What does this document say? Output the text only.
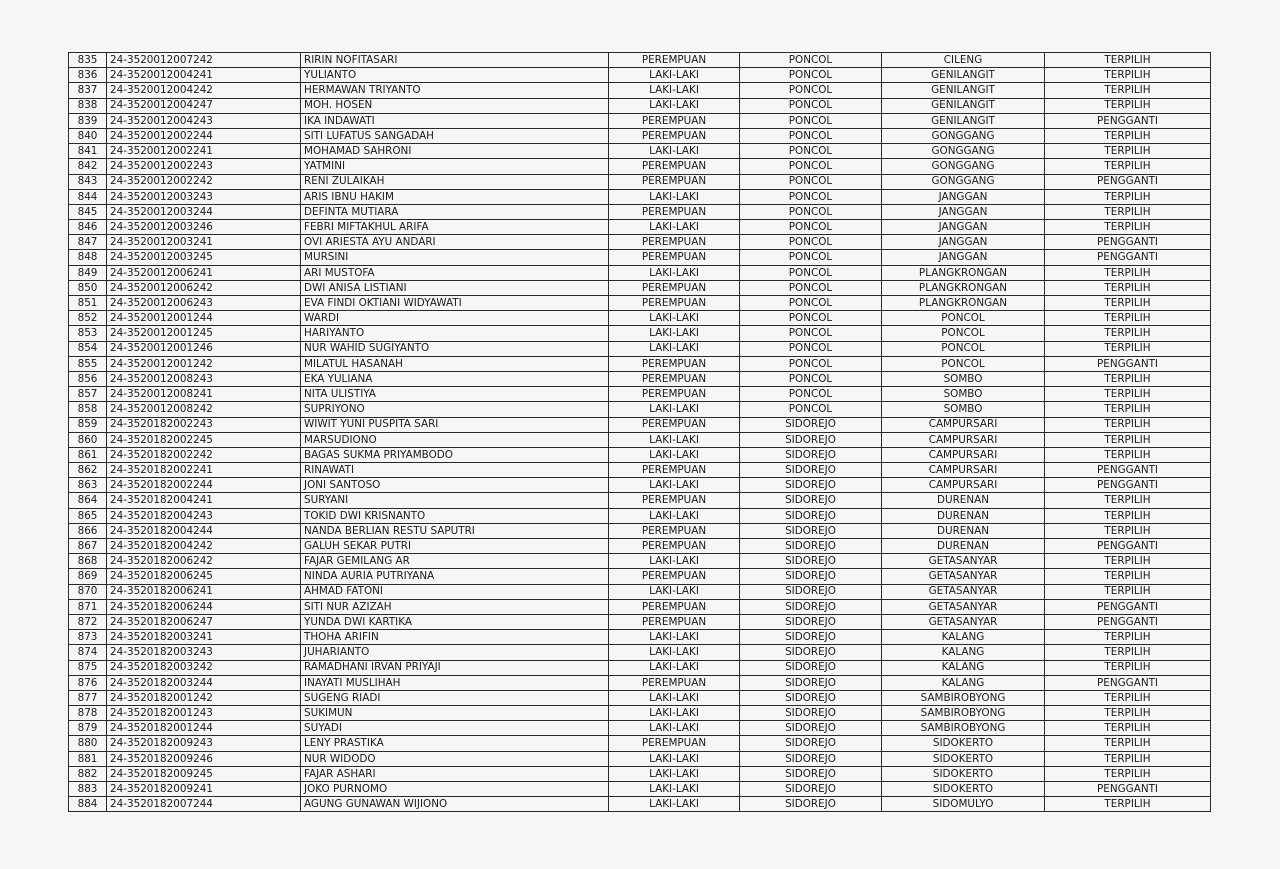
835	24-3520012007242	RIRIN NOFITASARI	PEREMPUAN	PONCOL	CILENG	TERPILIH
836	24-3520012004241	YULIANTO	LAKI-LAKI	PONCOL	GENILANGIT	TERPILIH
837	24-3520012004242	HERMAWAN TRIYANTO	LAKI-LAKI	PONCOL	GENILANGIT	TERPILIH
838	24-3520012004247	MOH. HOSEN	LAKI-LAKI	PONCOL	GENILANGIT	TERPILIH
839	24-3520012004243	IKA INDAWATI	PEREMPUAN	PONCOL	GENILANGIT	PENGGANTI
840	24-3520012002244	SITI LUFATUS SANGADAH	PEREMPUAN	PONCOL	GONGGANG	TERPILIH
841	24-3520012002241	MOHAMAD SAHRONI	LAKI-LAKI	PONCOL	GONGGANG	TERPILIH
842	24-3520012002243	YATMINI	PEREMPUAN	PONCOL	GONGGANG	TERPILIH
843	24-3520012002242	RENI ZULAIKAH	PEREMPUAN	PONCOL	GONGGANG	PENGGANTI
844	24-3520012003243	ARIS IBNU HAKIM	LAKI-LAKI	PONCOL	JANGGAN	TERPILIH
845	24-3520012003244	DEFINTA MUTIARA	PEREMPUAN	PONCOL	JANGGAN	TERPILIH
846	24-3520012003246	FEBRI MIFTAKHUL ARIFA	LAKI-LAKI	PONCOL	JANGGAN	TERPILIH
847	24-3520012003241	OVI ARIESTA AYU ANDARI	PEREMPUAN	PONCOL	JANGGAN	PENGGANTI
848	24-3520012003245	MURSINI	PEREMPUAN	PONCOL	JANGGAN	PENGGANTI
849	24-3520012006241	ARI MUSTOFA	LAKI-LAKI	PONCOL	PLANGKRONGAN	TERPILIH
850	24-3520012006242	DWI ANISA LISTIANI	PEREMPUAN	PONCOL	PLANGKRONGAN	TERPILIH
851	24-3520012006243	EVA FINDI OKTIANI WIDYAWATI	PEREMPUAN	PONCOL	PLANGKRONGAN	TERPILIH
852	24-3520012001244	WARDI	LAKI-LAKI	PONCOL	PONCOL	TERPILIH
853	24-3520012001245	HARIYANTO	LAKI-LAKI	PONCOL	PONCOL	TERPILIH
854	24-3520012001246	NUR WAHID SUGIYANTO	LAKI-LAKI	PONCOL	PONCOL	TERPILIH
855	24-3520012001242	MILATUL HASANAH	PEREMPUAN	PONCOL	PONCOL	PENGGANTI
856	24-3520012008243	EKA YULIANA	PEREMPUAN	PONCOL	SOMBO	TERPILIH
857	24-3520012008241	NITA ULISTIYA	PEREMPUAN	PONCOL	SOMBO	TERPILIH
858	24-3520012008242	SUPRIYONO	LAKI-LAKI	PONCOL	SOMBO	TERPILIH
859	24-3520182002243	WIWIT YUNI PUSPITA SARI	PEREMPUAN	SIDOREJO	CAMPURSARI	TERPILIH
860	24-3520182002245	MARSUDIONO	LAKI-LAKI	SIDOREJO	CAMPURSARI	TERPILIH
861	24-3520182002242	BAGAS SUKMA PRIYAMBODO	LAKI-LAKI	SIDOREJO	CAMPURSARI	TERPILIH
862	24-3520182002241	RINAWATI	PEREMPUAN	SIDOREJO	CAMPURSARI	PENGGANTI
863	24-3520182002244	JONI SANTOSO	LAKI-LAKI	SIDOREJO	CAMPURSARI	PENGGANTI
864	24-3520182004241	SURYANI	PEREMPUAN	SIDOREJO	DURENAN	TERPILIH
865	24-3520182004243	TOKID DWI KRISNANTO	LAKI-LAKI	SIDOREJO	DURENAN	TERPILIH
866	24-3520182004244	NANDA BERLIAN RESTU SAPUTRI	PEREMPUAN	SIDOREJO	DURENAN	TERPILIH
867	24-3520182004242	GALUH SEKAR PUTRI	PEREMPUAN	SIDOREJO	DURENAN	PENGGANTI
868	24-3520182006242	FAJAR GEMILANG AR	LAKI-LAKI	SIDOREJO	GETASANYAR	TERPILIH
869	24-3520182006245	NINDA AURIA PUTRIYANA	PEREMPUAN	SIDOREJO	GETASANYAR	TERPILIH
870	24-3520182006241	AHMAD FATONI	LAKI-LAKI	SIDOREJO	GETASANYAR	TERPILIH
871	24-3520182006244	SITI NUR AZIZAH	PEREMPUAN	SIDOREJO	GETASANYAR	PENGGANTI
872	24-3520182006247	YUNDA DWI KARTIKA	PEREMPUAN	SIDOREJO	GETASANYAR	PENGGANTI
873	24-3520182003241	THOHA ARIFIN	LAKI-LAKI	SIDOREJO	KALANG	TERPILIH
874	24-3520182003243	JUHARIANTO	LAKI-LAKI	SIDOREJO	KALANG	TERPILIH
875	24-3520182003242	RAMADHANI IRVAN PRIYAJI	LAKI-LAKI	SIDOREJO	KALANG	TERPILIH
876	24-3520182003244	INAYATI MUSLIHAH	PEREMPUAN	SIDOREJO	KALANG	PENGGANTI
877	24-3520182001242	SUGENG RIADI	LAKI-LAKI	SIDOREJO	SAMBIROBYONG	TERPILIH
878	24-3520182001243	SUKIMUN	LAKI-LAKI	SIDOREJO	SAMBIROBYONG	TERPILIH
879	24-3520182001244	SUYADI	LAKI-LAKI	SIDOREJO	SAMBIROBYONG	TERPILIH
880	24-3520182009243	LENY PRASTIKA	PEREMPUAN	SIDOREJO	SIDOKERTO	TERPILIH
881	24-3520182009246	NUR WIDODO	LAKI-LAKI	SIDOREJO	SIDOKERTO	TERPILIH
882	24-3520182009245	FAJAR ASHARI	LAKI-LAKI	SIDOREJO	SIDOKERTO	TERPILIH
883	24-3520182009241	JOKO PURNOMO	LAKI-LAKI	SIDOREJO	SIDOKERTO	PENGGANTI
884	24-3520182007244	AGUNG GUNAWAN WIJIONO	LAKI-LAKI	SIDOREJO	SIDOMULYO	TERPILIH
